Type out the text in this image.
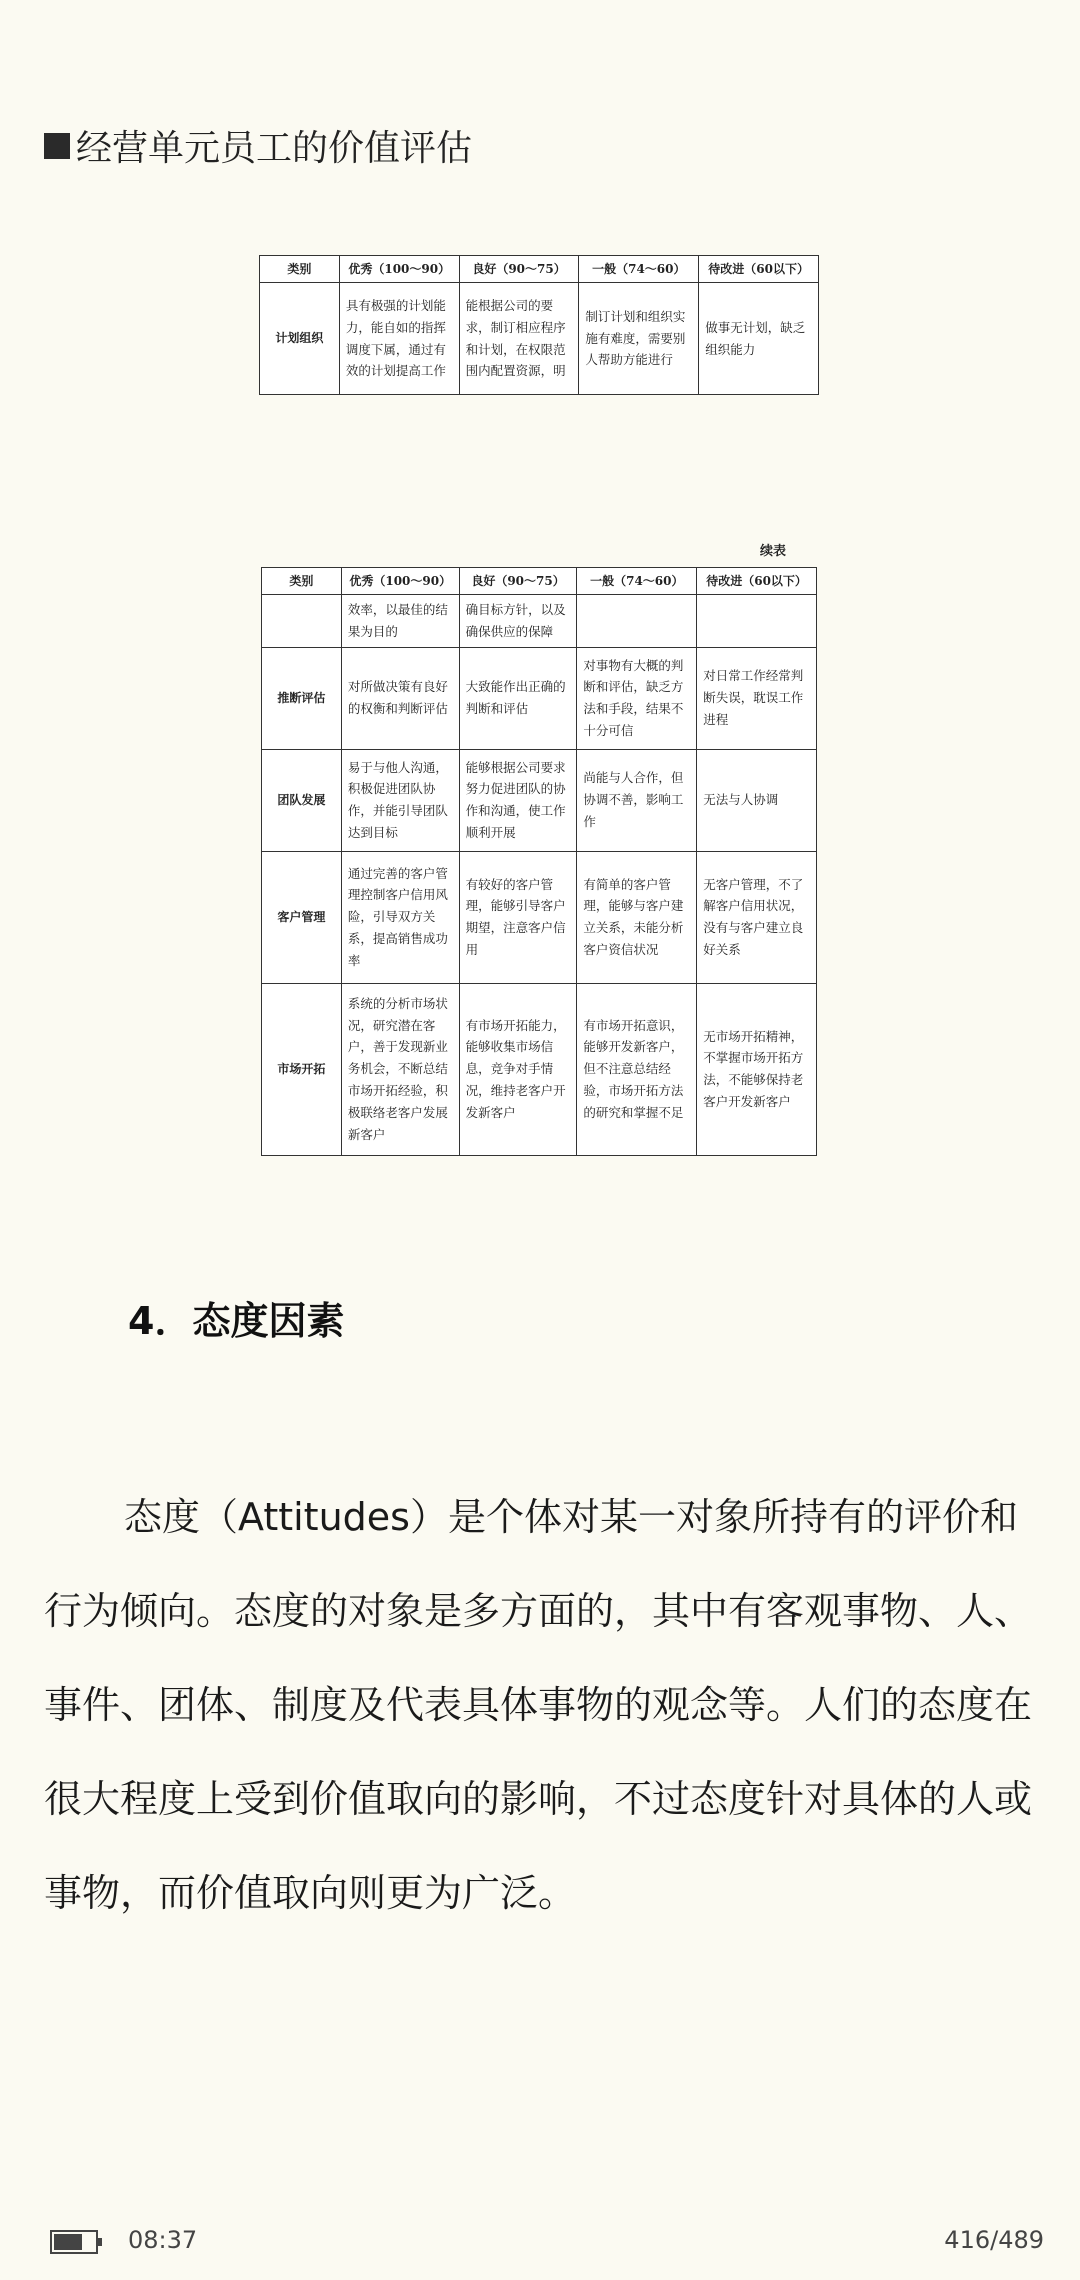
经营单元员工的价值评估
类别	优秀（100～90）	良好（90～75）	一般（74～60）	待改进（60以下）
计划组织	具有极强的计划能力，能自如的指挥调度下属，通过有效的计划提高工作	能根据公司的要求，制订相应程序和计划，在权限范围内配置资源，明	制订计划和组织实施有难度，需要别人帮助方能进行	做事无计划，缺乏组织能力
续表
类别	优秀（100～90）	良好（90～75）	一般（74～60）	待改进（60以下）
	效率，以最佳的结果为目的	确目标方针，以及确保供应的保障		
推断评估	对所做决策有良好的权衡和判断评估	大致能作出正确的判断和评估	对事物有大概的判断和评估，缺乏方法和手段，结果不十分可信	对日常工作经常判断失误，耽误工作进程
团队发展	易于与他人沟通，积极促进团队协作，并能引导团队达到目标	能够根据公司要求努力促进团队的协作和沟通，使工作顺利开展	尚能与人合作，但协调不善，影响工作	无法与人协调
客户管理	通过完善的客户管理控制客户信用风险，引导双方关系，提高销售成功率	有较好的客户管理，能够引导客户期望，注意客户信用	有简单的客户管理，能够与客户建立关系，未能分析客户资信状况	无客户管理，不了解客户信用状况，没有与客户建立良好关系
市场开拓	系统的分析市场状况，研究潜在客户，善于发现新业务机会，不断总结市场开拓经验，积极联络老客户发展新客户	有市场开拓能力，能够收集市场信息，竞争对手情况，维持老客户开发新客户	有市场开拓意识，能够开发新客户，但不注意总结经验，市场开拓方法的研究和掌握不足	无市场开拓精神，不掌握市场开拓方法，不能够保持老客户开发新客户
4．态度因素

态度（Attitudes）是个体对某一对象所持有的评价和行为倾向。态度的对象是多方面的，其中有客观事物、人、事件、团体、制度及代表具体事物的观念等。人们的态度在很大程度上受到价值取向的影响，不过态度针对具体的人或事物，而价值取向则更为广泛。

08:37	416/489
